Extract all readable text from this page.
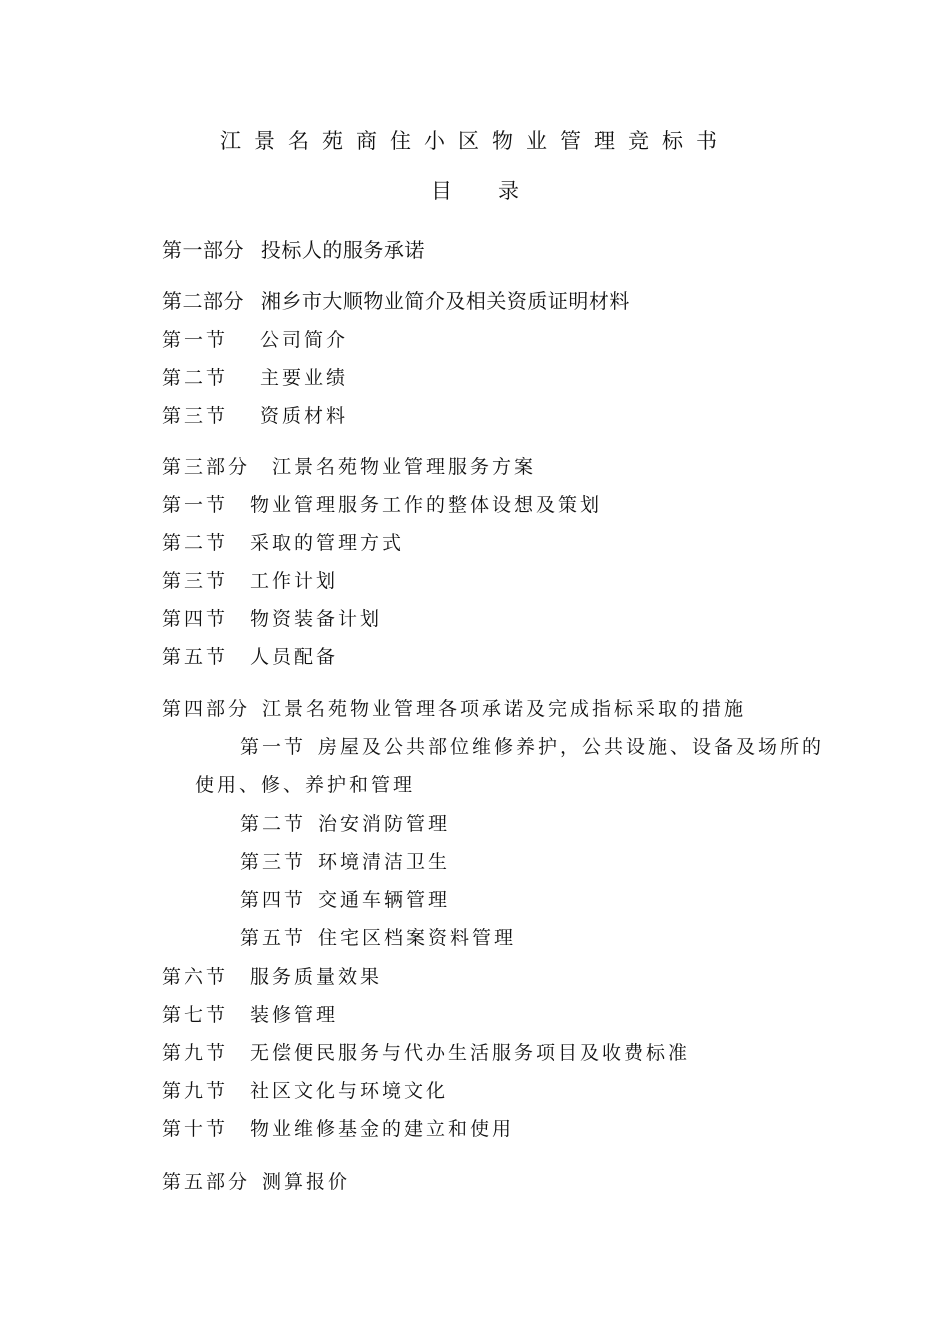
江景名苑商住小区物业管理竞标书
目 录
第一部分 投标人的服务承诺
第二部分 湘乡市大顺物业简介及相关资质证明材料
第一节 公司简介
第二节 主要业绩
第三节 资质材料
第三部分 江景名苑物业管理服务方案
第一节 物业管理服务工作的整体设想及策划
第二节 采取的管理方式
第三节 工作计划
第四节 物资装备计划
第五节 人员配备
第四部分 江景名苑物业管理各项承诺及完成指标采取的措施
第一节 房屋及公共部位维修养护，公共设施、设备及场所的
使用、修、养护和管理
第二节 治安消防管理
第三节 环境清洁卫生
第四节 交通车辆管理
第五节 住宅区档案资料管理
第六节 服务质量效果
第七节 装修管理
第九节 无偿便民服务与代办生活服务项目及收费标准
第九节 社区文化与环境文化
第十节 物业维修基金的建立和使用
第五部分 测算报价
